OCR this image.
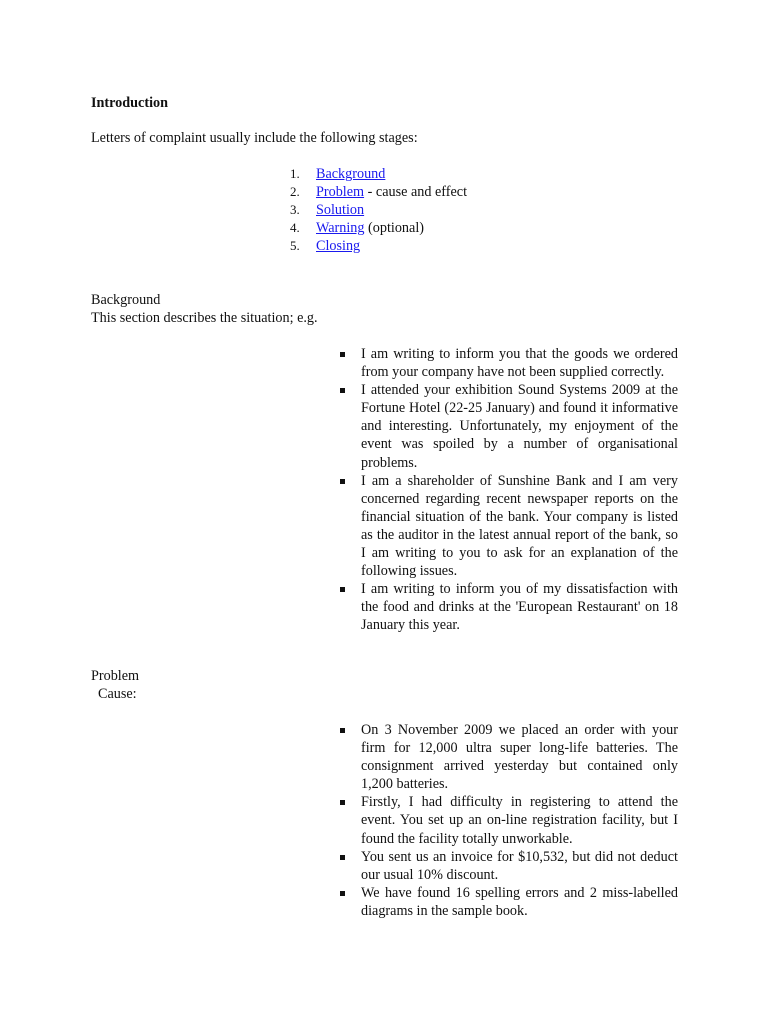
Introduction
Letters of complaint usually include the following stages:
1. Background
2. Problem - cause and effect
3. Solution
4. Warning (optional)
5. Closing
Background
This section describes the situation; e.g.
I am writing to inform you that the goods we ordered from your company have not been supplied correctly.
I attended your exhibition Sound Systems 2009 at the Fortune Hotel (22-25 January) and found it informative and interesting. Unfortunately, my enjoyment of the event was spoiled by a number of organisational problems.
I am a shareholder of Sunshine Bank and I am very concerned regarding recent newspaper reports on the financial situation of the bank. Your company is listed as the auditor in the latest annual report of the bank, so I am writing to you to ask for an explanation of the following issues.
I am writing to inform you of my dissatisfaction with the food and drinks at the 'European Restaurant' on 18 January this year.
Problem
Cause:
On 3 November 2009 we placed an order with your firm for 12,000 ultra super long-life batteries. The consignment arrived yesterday but contained only 1,200 batteries.
Firstly, I had difficulty in registering to attend the event. You set up an on-line registration facility, but I found the facility totally unworkable.
You sent us an invoice for $10,532, but did not deduct our usual 10% discount.
We have found 16 spelling errors and 2 miss-labelled diagrams in the sample book.
